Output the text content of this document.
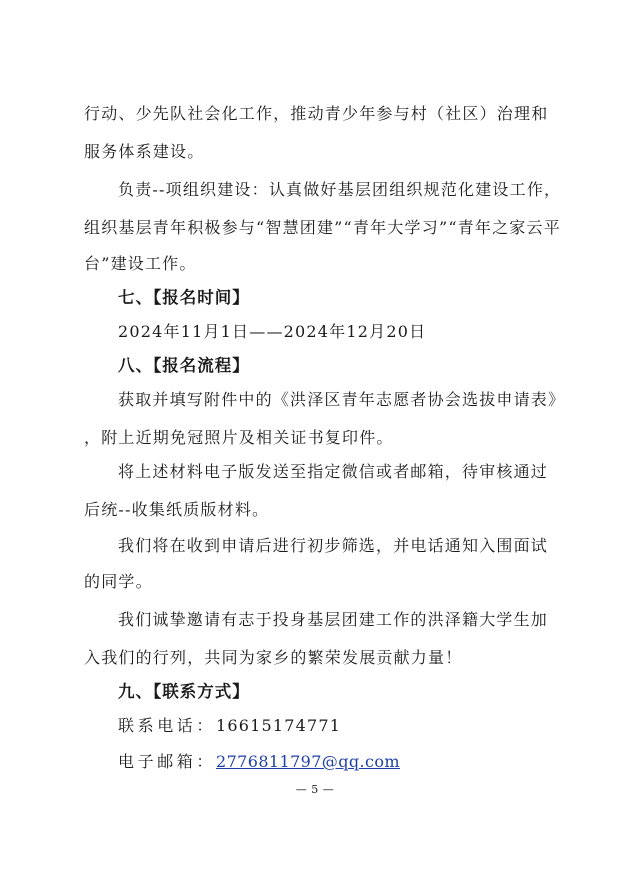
行动、少先队社会化工作，推动青少年参与村（社区）治理和
服务体系建设。
负责--项组织建设：认真做好基层团组织规范化建设工作，
组织基层青年积极参与“智慧团建”“青年大学习”“青年之家云平
台”建设工作。
七、【报名时间】
2024年11月1日——2024年12月20日
八、【报名流程】
获取并填写附件中的《洪泽区青年志愿者协会选拔申请表》
，附上近期免冠照片及相关证书复印件。
将上述材料电子版发送至指定微信或者邮箱，待审核通过
后统--收集纸质版材料。
我们将在收到申请后进行初步筛选，并电话通知入围面试
的同学。
我们诚挚邀请有志于投身基层团建工作的洪泽籍大学生加
入我们的行列，共同为家乡的繁荣发展贡献力量！
九、【联系方式】
联系电话：16615174771
电子邮箱：2776811797@qq.com
— 5 —
